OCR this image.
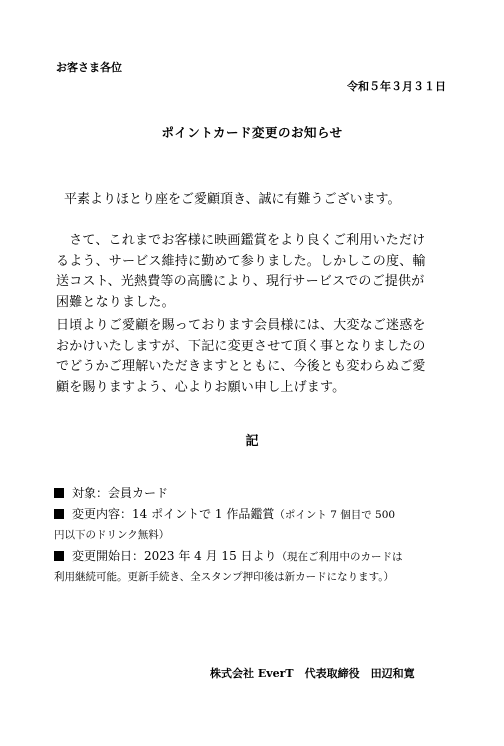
お客さま各位
令和５年３月３１日
ポイントカード変更のお知らせ
平素よりほとり座をご愛顧頂き、誠に有難うございます。

　さて、これまでお客様に映画鑑賞をより良くご利用いただけ

るよう、サービス維持に勤めて参りました。しかしこの度、輸

送コスト、光熱費等の高騰により、現行サービスでのご提供が

困難となりました。

日頃よりご愛顧を賜っております会員様には、大変なご迷惑を

おかけいたしますが、下記に変更させて頂く事となりましたの

でどうかご理解いただきますとともに、今後とも変わらぬご愛

顧を賜りますよう、心よりお願い申し上げます。

記

対象：会員カード

変更内容：14 ポイントで 1 作品鑑賞（ポイント 7 個目で 500

円以下のドリンク無料）

変更開始日：2023 年 4 月 15 日より（現在ご利用中のカードは

利用継続可能。更新手続き、全スタンプ押印後は新カードになります。）

株式会社 EverT　代表取締役　田辺和寛
